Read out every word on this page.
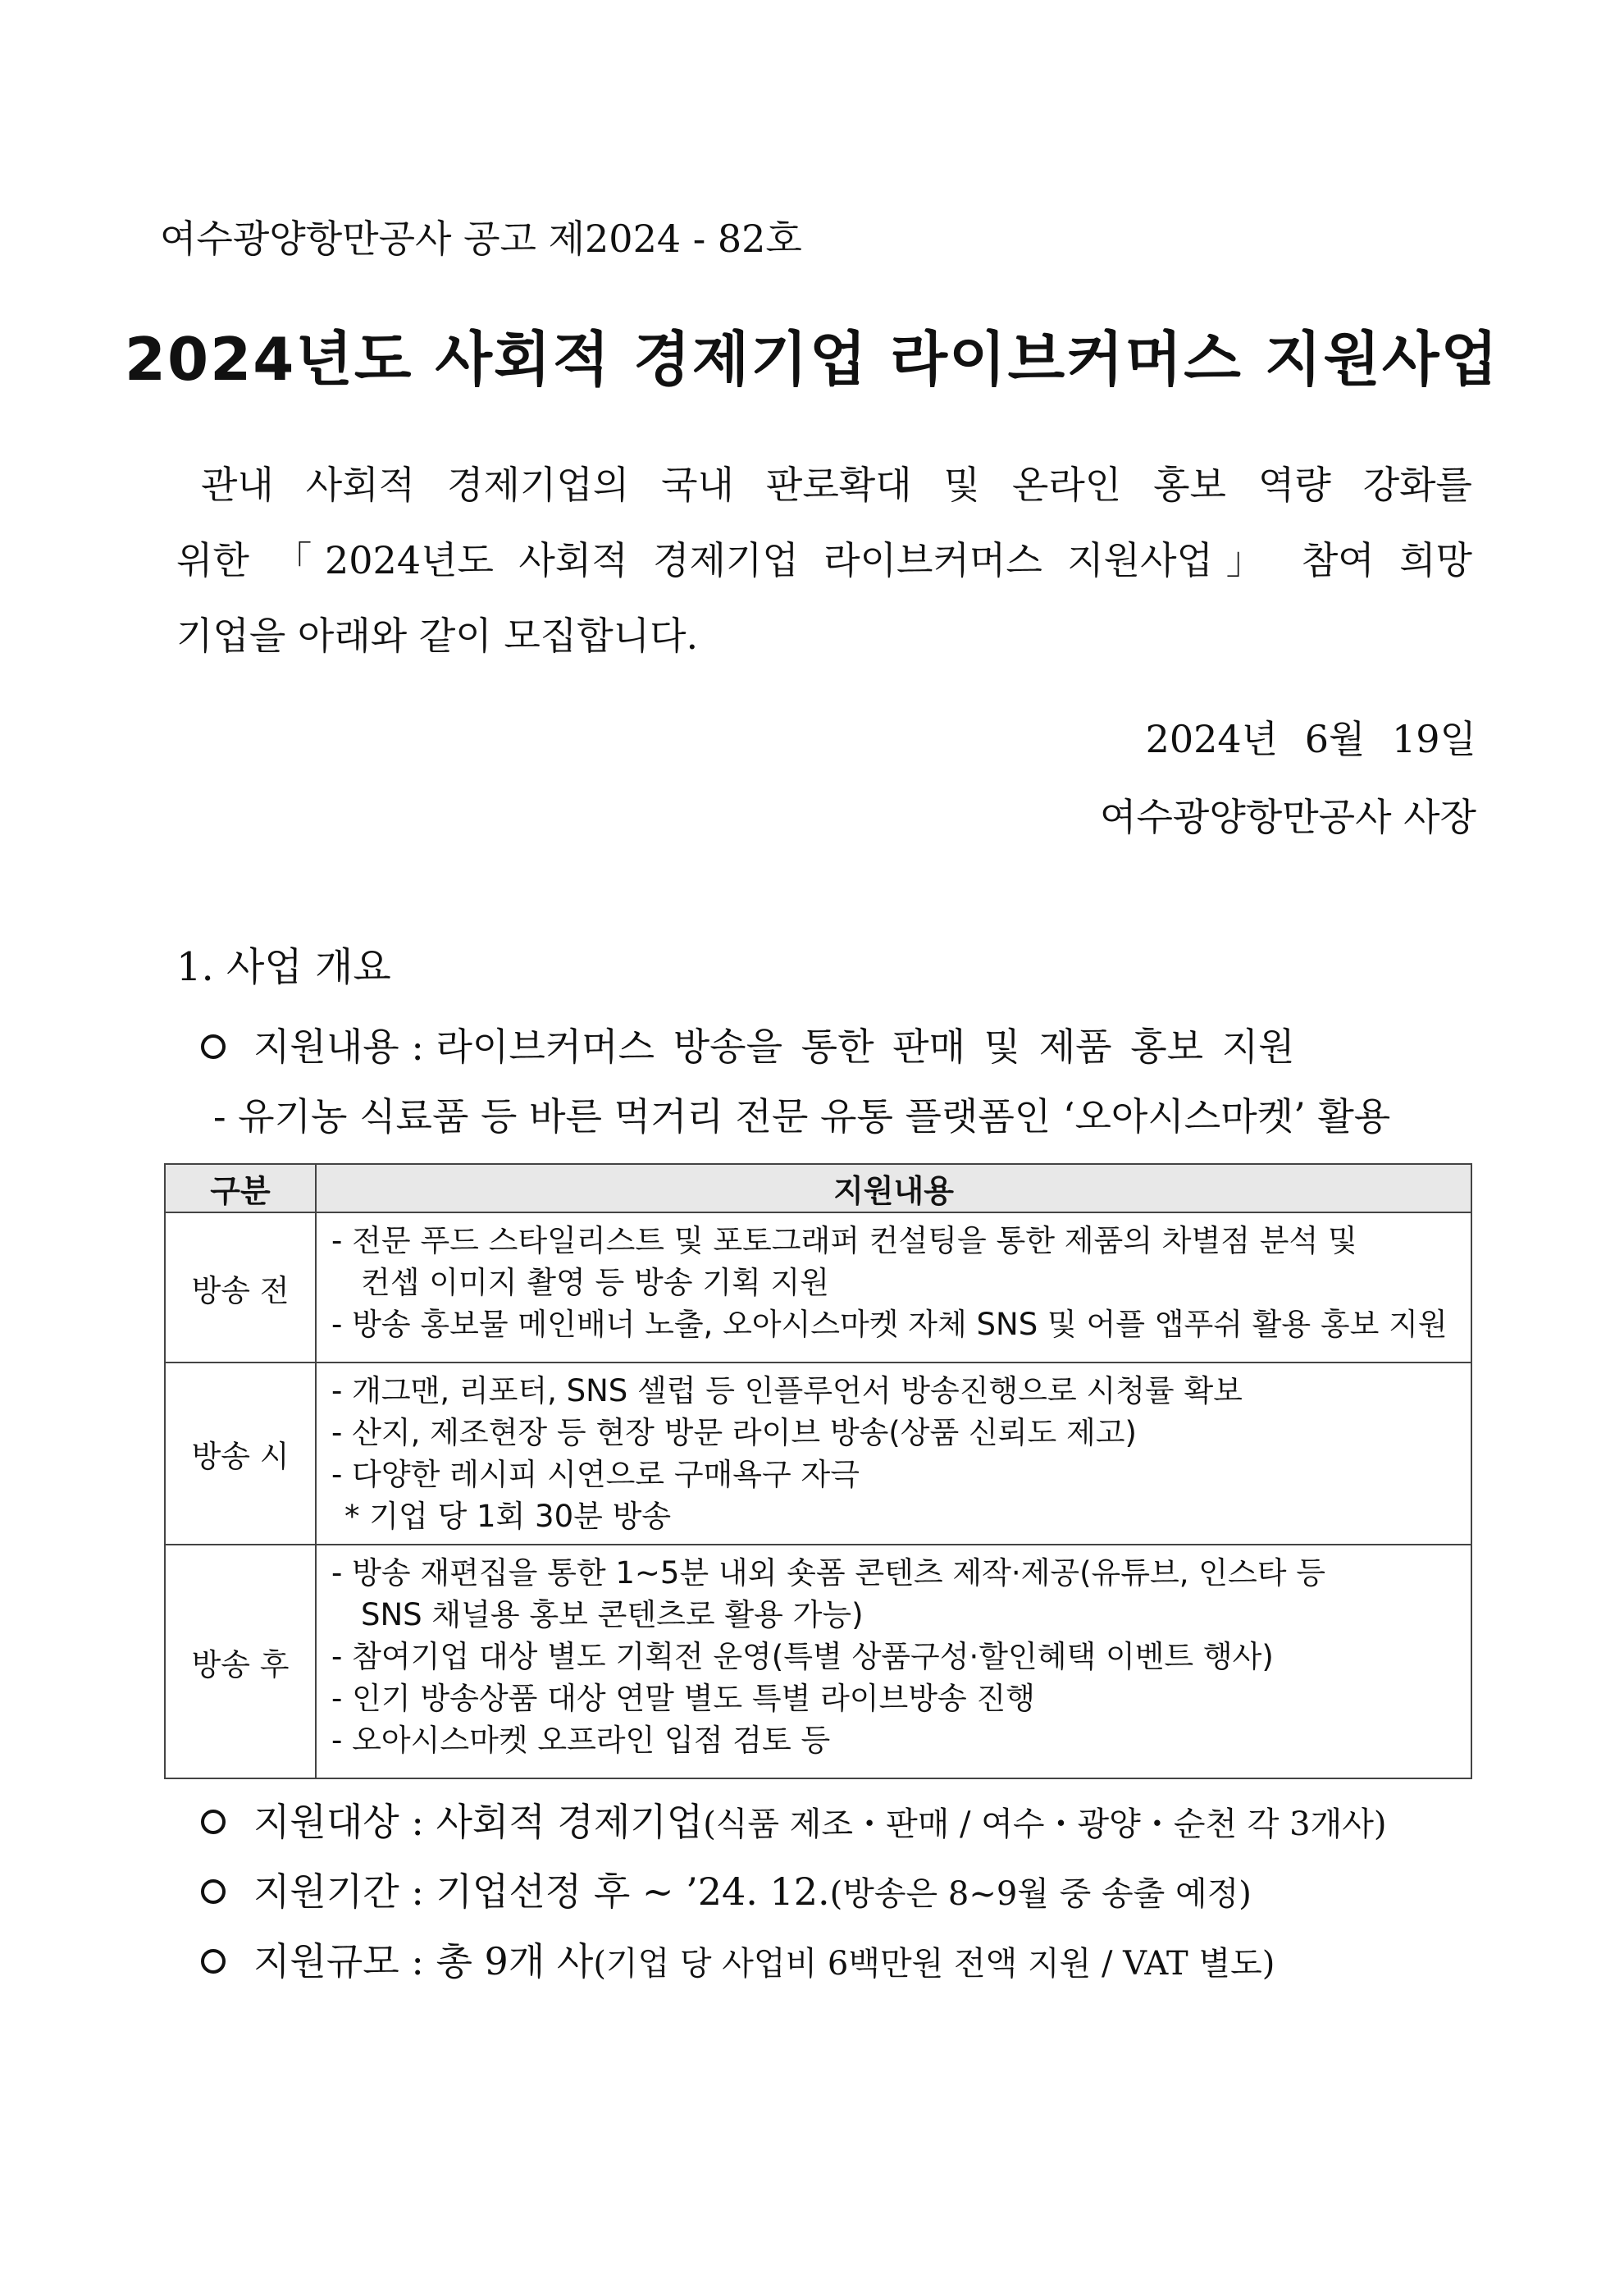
여수광양항만공사 공고 제2024 - 82호
2024년도 사회적 경제기업 라이브커머스 지원사업
관내 사회적 경제기업의 국내 판로확대 및 온라인 홍보 역량 강화를
위한 「2024년도 사회적 경제기업 라이브커머스 지원사업」 참여 희망
기업을 아래와 같이 모집합니다.
2024년 6월 19일
여수광양항만공사 사장
1. 사업 개요
지원내용 : 라이브커머스 방송을 통한 판매 및 제품 홍보 지원
- 유기농 식료품 등 바른 먹거리 전문 유통 플랫폼인 ‘오아시스마켓’ 활용
구분	지원내용
방송 전	- 전문 푸드 스타일리스트 및 포토그래퍼 컨설팅을 통한 제품의 차별점 분석 및
컨셉 이미지 촬영 등 방송 기획 지원
- 방송 홍보물 메인배너 노출, 오아시스마켓 자체 SNS 및 어플 앱푸쉬 활용 홍보 지원

방송 시	- 개그맨, 리포터, SNS 셀럽 등 인플루언서 방송진행으로 시청률 확보
- 산지, 제조현장 등 현장 방문 라이브 방송(상품 신뢰도 제고)
- 다양한 레시피 시연으로 구매욕구 자극
* 기업 당 1회 30분 방송

방송 후	- 방송 재편집을 통한 1~5분 내외 숏폼 콘텐츠 제작·제공(유튜브, 인스타 등
SNS 채널용 홍보 콘텐츠로 활용 가능)
- 참여기업 대상 별도 기획전 운영(특별 상품구성·할인혜택 이벤트 행사)
- 인기 방송상품 대상 연말 별도 특별 라이브방송 진행
- 오아시스마켓 오프라인 입점 검토 등
지원대상 : 사회적 경제기업(식품 제조・판매 / 여수・광양・순천 각 3개사)
지원기간 : 기업선정 후 ~ ’24. 12.(방송은 8~9월 중 송출 예정)
지원규모 : 총 9개 사(기업 당 사업비 6백만원 전액 지원 / VAT 별도)
